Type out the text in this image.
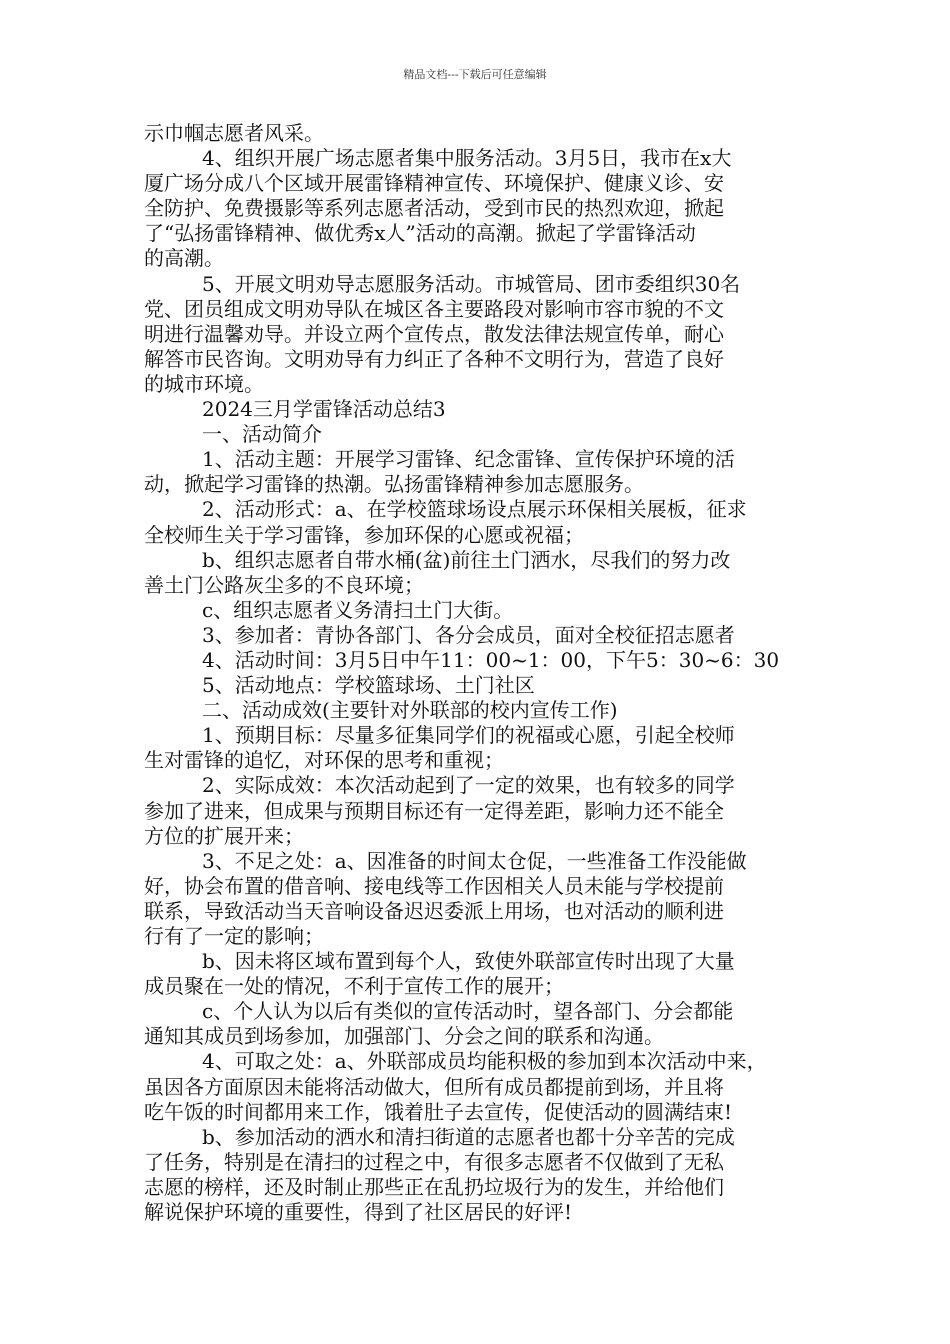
精品文档---下载后可任意编辑
示巾帼志愿者风采。
4、组织开展广场志愿者集中服务活动。3月5日，我市在x大
厦广场分成八个区域开展雷锋精神宣传、环境保护、健康义诊、安
全防护、免费摄影等系列志愿者活动，受到市民的热烈欢迎，掀起
了“弘扬雷锋精神、做优秀x人”活动的高潮。掀起了学雷锋活动
的高潮。
5、开展文明劝导志愿服务活动。市城管局、团市委组织30名
党、团员组成文明劝导队在城区各主要路段对影响市容市貌的不文
明进行温馨劝导。并设立两个宣传点，散发法律法规宣传单，耐心
解答市民咨询。文明劝导有力纠正了各种不文明行为，营造了良好
的城市环境。
2024三月学雷锋活动总结3
一、活动简介
1、活动主题：开展学习雷锋、纪念雷锋、宣传保护环境的活
动，掀起学习雷锋的热潮。弘扬雷锋精神参加志愿服务。
2、活动形式：a、在学校篮球场设点展示环保相关展板，征求
全校师生关于学习雷锋，参加环保的心愿或祝福；
b、组织志愿者自带水桶(盆)前往土门洒水，尽我们的努力改
善土门公路灰尘多的不良环境；
c、组织志愿者义务清扫土门大街。
3、参加者：青协各部门、各分会成员，面对全校征招志愿者
4、活动时间：3月5日中午11：00~1：00，下午5：30~6：30
5、活动地点：学校篮球场、土门社区
二、活动成效(主要针对外联部的校内宣传工作)
1、预期目标：尽量多征集同学们的祝福或心愿，引起全校师
生对雷锋的追忆，对环保的思考和重视；
2、实际成效：本次活动起到了一定的效果，也有较多的同学
参加了进来，但成果与预期目标还有一定得差距，影响力还不能全
方位的扩展开来；
3、不足之处：a、因准备的时间太仓促，一些准备工作没能做
好，协会布置的借音响、接电线等工作因相关人员未能与学校提前
联系，导致活动当天音响设备迟迟委派上用场，也对活动的顺利进
行有了一定的影响；
b、因未将区域布置到每个人，致使外联部宣传时出现了大量
成员聚在一处的情况，不利于宣传工作的展开；
c、个人认为以后有类似的宣传活动时，望各部门、分会都能
通知其成员到场参加，加强部门、分会之间的联系和沟通。
4、可取之处：a、外联部成员均能积极的参加到本次活动中来，
虽因各方面原因未能将活动做大，但所有成员都提前到场，并且将
吃午饭的时间都用来工作，饿着肚子去宣传，促使活动的圆满结束!
b、参加活动的洒水和清扫街道的志愿者也都十分辛苦的完成
了任务，特别是在清扫的过程之中，有很多志愿者不仅做到了无私
志愿的榜样，还及时制止那些正在乱扔垃圾行为的发生，并给他们
解说保护环境的重要性，得到了社区居民的好评!
